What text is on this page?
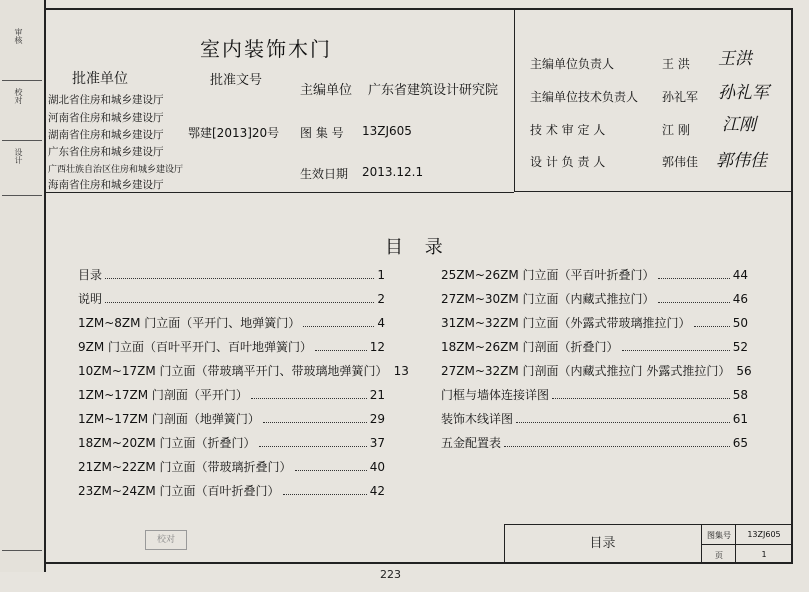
审核
校对
设计
室内装饰木门
批准单位	批准文号
湖北省住房和城乡建设厅
河南省住房和城乡建设厅
湖南省住房和城乡建设厅
广东省住房和城乡建设厅
广西壮族自治区住房和城乡建设厅
海南省住房和城乡建设厅
主编单位 广东省建筑设计研究院
鄂建[2013]20号 图 集 号 13ZJ605
生效日期 2013.12.1
主编单位负责人	王 洪 王洪
主编单位技术负责人 孙礼军 孙礼军
技 术 审 定 人	江 刚 江刚
设 计 负 责 人	郭伟佳 郭伟佳
目 录
目录	1
说明	2
1ZM~8ZM 门立面（平开门、地弹簧门）	4
9ZM 门立面（百叶平开门、百叶地弹簧门）	12
10ZM~17ZM 门立面（带玻璃平开门、带玻璃地弹簧门） 13
1ZM~17ZM 门剖面（平开门）	21
1ZM~17ZM 门剖面（地弹簧门）	29
18ZM~20ZM 门立面（折叠门）	37
21ZM~22ZM 门立面（带玻璃折叠门）	40
23ZM~24ZM 门立面（百叶折叠门）	42
25ZM~26ZM 门立面（平百叶折叠门）	44
27ZM~30ZM 门立面（内藏式推拉门）	46
31ZM~32ZM 门立面（外露式带玻璃推拉门）	50
18ZM~26ZM 门剖面（折叠门）	52
27ZM~32ZM 门剖面（内藏式推拉门 外露式推拉门） 56
门框与墙体连接详图	58
装饰木线详图	61
五金配置表	65
校对	目录
图集号	13ZJ605
页	1
223
